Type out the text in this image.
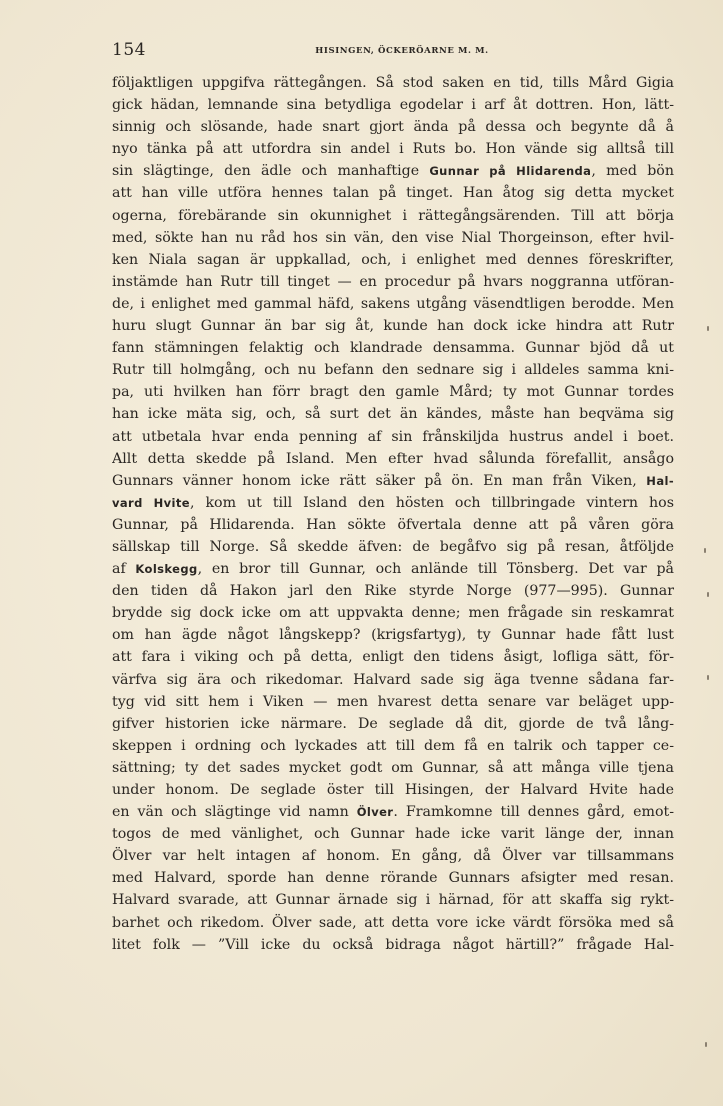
154	HISINGEN, ÖCKERÖARNE M. M.
följaktligen uppgifva rättegången. Så stod saken en tid, tills Mård Gigia
gick hädan, lemnande sina betydliga egodelar i arf åt dottren. Hon, lätt-
sinnig och slösande, hade snart gjort ända på dessa och begynte då å
nyo tänka på att utfordra sin andel i Ruts bo. Hon vände sig alltså till
sin slägtinge, den ädle och manhaftige Gunnar på Hlidarenda, med bön
att han ville utföra hennes talan på tinget. Han åtog sig detta mycket
ogerna, förebärande sin okunnighet i rättegångsärenden. Till att börja
med, sökte han nu råd hos sin vän, den vise Nial Thorgeinson, efter hvil-
ken Niala sagan är uppkallad, och, i enlighet med dennes föreskrifter,
instämde han Rutr till tinget — en procedur på hvars noggranna utföran-
de, i enlighet med gammal häfd, sakens utgång väsendtligen berodde. Men
huru slugt Gunnar än bar sig åt, kunde han dock icke hindra att Rutr
fann stämningen felaktig och klandrade densamma. Gunnar bjöd då ut
Rutr till holmgång, och nu befann den sednare sig i alldeles samma kni-
pa, uti hvilken han förr bragt den gamle Mård; ty mot Gunnar tordes
han icke mäta sig, och, så surt det än kändes, måste han beqväma sig
att utbetala hvar enda penning af sin frånskiljda hustrus andel i boet.
Allt detta skedde på Island. Men efter hvad sålunda förefallit, ansågo
Gunnars vänner honom icke rätt säker på ön. En man från Viken, Hal-
vard Hvite, kom ut till Island den hösten och tillbringade vintern hos
Gunnar, på Hlidarenda. Han sökte öfvertala denne att på våren göra
sällskap till Norge. Så skedde äfven: de begåfvo sig på resan, åtföljde
af Kolskegg, en bror till Gunnar, och anlände till Tönsberg. Det var på
den tiden då Hakon jarl den Rike styrde Norge (977—995). Gunnar
brydde sig dock icke om att uppvakta denne; men frågade sin reskamrat
om han ägde något långskepp? (krigsfartyg), ty Gunnar hade fått lust
att fara i viking och på detta, enligt den tidens åsigt, lofliga sätt, för-
värfva sig ära och rikedomar. Halvard sade sig äga tvenne sådana far-
tyg vid sitt hem i Viken — men hvarest detta senare var beläget upp-
gifver historien icke närmare. De seglade då dit, gjorde de två lång-
skeppen i ordning och lyckades att till dem få en talrik och tapper ce-
sättning; ty det sades mycket godt om Gunnar, så att många ville tjena
under honom. De seglade öster till Hisingen, der Halvard Hvite hade
en vän och slägtinge vid namn Ölver. Framkomne till dennes gård, emot-
togos de med vänlighet, och Gunnar hade icke varit länge der, innan
Ölver var helt intagen af honom. En gång, då Ölver var tillsammans
med Halvard, sporde han denne rörande Gunnars afsigter med resan.
Halvard svarade, att Gunnar ärnade sig i härnad, för att skaffa sig rykt-
barhet och rikedom. Ölver sade, att detta vore icke värdt försöka med så
litet folk — ”Vill icke du också bidraga något härtill?” frågade Hal-
